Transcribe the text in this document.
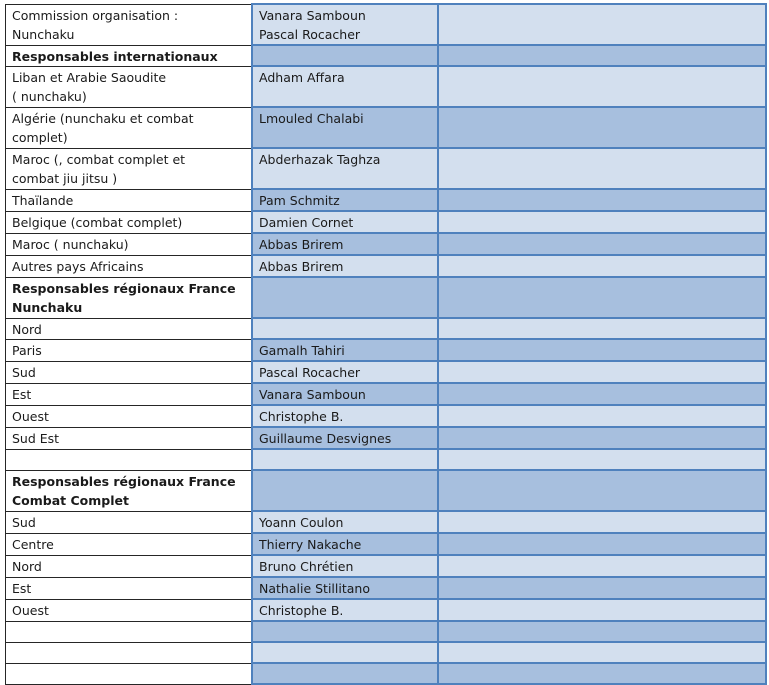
Commission organisation :
Nunchaku	Vanara Samboun
Pascal Rocacher	

Responsables internationaux		

Liban et Arabie Saoudite
( nunchaku)	Adham Affara	

Algérie (nunchaku et combat
complet)	Lmouled Chalabi	

Maroc (, combat complet et
combat jiu jitsu )	Abderhazak Taghza	

Thaïlande	Pam Schmitz	

Belgique (combat complet)	Damien Cornet	

Maroc ( nunchaku)	Abbas Brirem	

Autres pays Africains	Abbas Brirem	

Responsables régionaux France
Nunchaku		

Nord		

Paris	Gamalh Tahiri	

Sud	Pascal Rocacher	

Est	Vanara Samboun	

Ouest	Christophe B.	

Sud Est	Guillaume Desvignes	

Responsables régionaux France
Combat Complet		

Sud	Yoann Coulon	

Centre	Thierry Nakache	

Nord	Bruno Chrétien	

Est	Nathalie Stillitano	

Ouest	Christophe B.	
